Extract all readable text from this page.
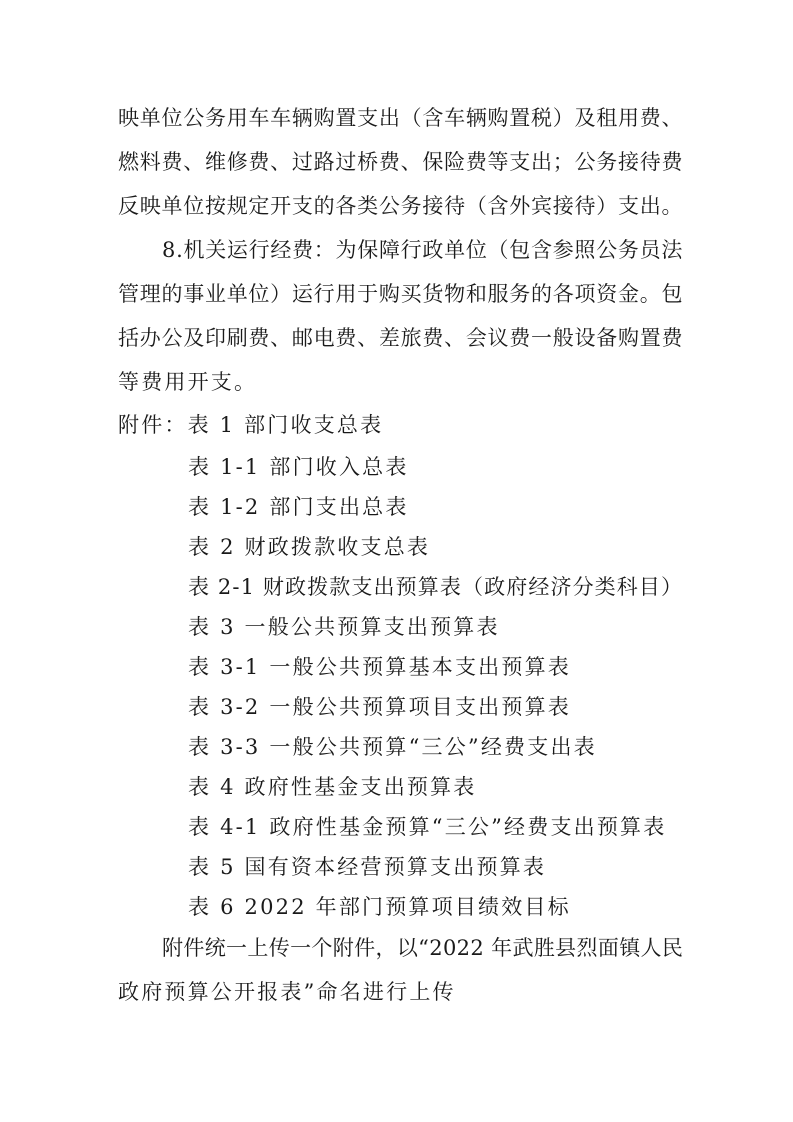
映单位公务用车车辆购置支出（含车辆购置税）及租用费、
燃料费、维修费、过路过桥费、保险费等支出；公务接待费
反映单位按规定开支的各类公务接待（含外宾接待）支出。
8.机关运行经费：为保障行政单位（包含参照公务员法
管理的事业单位）运行用于购买货物和服务的各项资金。包
括办公及印刷费、邮电费、差旅费、会议费一般设备购置费
等费用开支。
附件：表 1 部门收支总表
表 1-1 部门收入总表
表 1-2 部门支出总表
表 2 财政拨款收支总表
表 2-1 财政拨款支出预算表（政府经济分类科目）
表 3 一般公共预算支出预算表
表 3-1 一般公共预算基本支出预算表
表 3-2 一般公共预算项目支出预算表
表 3-3 一般公共预算“三公”经费支出表
表 4 政府性基金支出预算表
表 4-1 政府性基金预算“三公”经费支出预算表
表 5 国有资本经营预算支出预算表
表 6 2022 年部门预算项目绩效目标
附件统一上传一个附件，以“2022 年武胜县烈面镇人民
政府预算公开报表”命名进行上传
